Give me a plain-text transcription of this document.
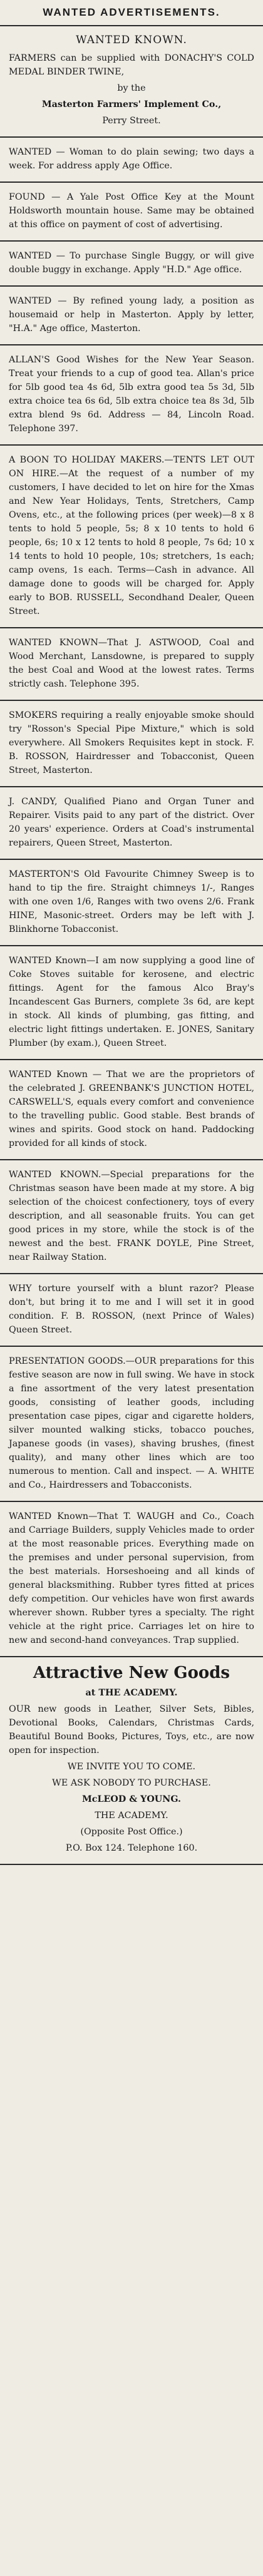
WANTED ADVERTISEMENTS.
WANTED KNOWN.

FARMERS can be supplied with DONACHY'S COLD MEDAL BINDER TWINE,

by the

Masterton Farmers' Implement Co.,

Perry Street.

WANTED — Woman to do plain sewing; two days a week. For address apply Age Office.

FOUND — A Yale Post Office Key at the Mount Holdsworth mountain house. Same may be obtained at this office on payment of cost of advertising.

WANTED — To purchase Single Buggy, or will give double buggy in exchange. Apply "H.D." Age office.

WANTED — By refined young lady, a position as housemaid or help in Masterton. Apply by letter, "H.A." Age office, Masterton.

ALLAN'S Good Wishes for the New Year Season. Treat your friends to a cup of good tea. Allan's price for 5lb good tea 4s 6d, 5lb extra good tea 5s 3d, 5lb extra choice tea 6s 6d, 5lb extra choice tea 8s 3d, 5lb extra blend 9s 6d. Address — 84, Lincoln Road. Telephone 397.

A BOON TO HOLIDAY MAKERS.—TENTS LET OUT ON HIRE.—At the request of a number of my customers, I have decided to let on hire for the Xmas and New Year Holidays, Tents, Stretchers, Camp Ovens, etc., at the following prices (per week)—8 x 8 tents to hold 5 people, 5s; 8 x 10 tents to hold 6 people, 6s; 10 x 12 tents to hold 8 people, 7s 6d; 10 x 14 tents to hold 10 people, 10s; stretchers, 1s each; camp ovens, 1s each. Terms—Cash in advance. All damage done to goods will be charged for. Apply early to BOB. RUSSELL, Secondhand Dealer, Queen Street.

WANTED KNOWN—That J. ASTWOOD, Coal and Wood Merchant, Lansdowne, is prepared to supply the best Coal and Wood at the lowest rates. Terms strictly cash. Telephone 395.

SMOKERS requiring a really enjoyable smoke should try "Rosson's Special Pipe Mixture," which is sold everywhere. All Smokers Requisites kept in stock. F. B. ROSSON, Hairdresser and Tobacconist, Queen Street, Masterton.

J. CANDY, Qualified Piano and Organ Tuner and Repairer. Visits paid to any part of the district. Over 20 years' experience. Orders at Coad's instrumental repairers, Queen Street, Masterton.

MASTERTON'S Old Favourite Chimney Sweep is to hand to tip the fire. Straight chimneys 1/-, Ranges with one oven 1/6, Ranges with two ovens 2/6. Frank HINE, Masonic-street. Orders may be left with J. Blinkhorne Tobacconist.

WANTED Known—I am now supplying a good line of Coke Stoves suitable for kerosene, and electric fittings. Agent for the famous Alco Bray's Incandescent Gas Burners, complete 3s 6d, are kept in stock. All kinds of plumbing, gas fitting, and electric light fittings undertaken. E. JONES, Sanitary Plumber (by exam.), Queen Street.

WANTED Known — That we are the proprietors of the celebrated J. GREENBANK'S JUNCTION HOTEL, CARSWELL'S, equals every comfort and convenience to the travelling public. Good stable. Best brands of wines and spirits. Good stock on hand. Paddocking provided for all kinds of stock.

WANTED KNOWN.—Special preparations for the Christmas season have been made at my store. A big selection of the choicest confectionery, toys of every description, and all seasonable fruits. You can get good prices in my store, while the stock is of the newest and the best. FRANK DOYLE, Pine Street, near Railway Station.

WHY torture yourself with a blunt razor? Please don't, but bring it to me and I will set it in good condition. F. B. ROSSON, (next Prince of Wales) Queen Street.

PRESENTATION GOODS.—OUR preparations for this festive season are now in full swing. We have in stock a fine assortment of the very latest presentation goods, consisting of leather goods, including presentation case pipes, cigar and cigarette holders, silver mounted walking sticks, tobacco pouches, Japanese goods (in vases), shaving brushes, (finest quality), and many other lines which are too numerous to mention. Call and inspect. — A. WHITE and Co., Hairdressers and Tobacconists.

WANTED Known—That T. WAUGH and Co., Coach and Carriage Builders, supply Vehicles made to order at the most reasonable prices. Everything made on the premises and under personal supervision, from the best materials. Horseshoeing and all kinds of general blacksmithing. Rubber tyres fitted at prices defy competition. Our vehicles have won first awards wherever shown. Rubber tyres a specialty. The right vehicle at the right price. Carriages let on hire to new and second-hand conveyances. Trap supplied.

Attractive New Goods

at THE ACADEMY.

OUR new goods in Leather, Silver Sets, Bibles, Devotional Books, Calendars, Christmas Cards, Beautiful Bound Books, Pictures, Toys, etc., are now open for inspection.

WE INVITE YOU TO COME.

WE ASK NOBODY TO PURCHASE.

McLEOD & YOUNG.

THE ACADEMY.

(Opposite Post Office.)

P.O. Box 124. Telephone 160.
